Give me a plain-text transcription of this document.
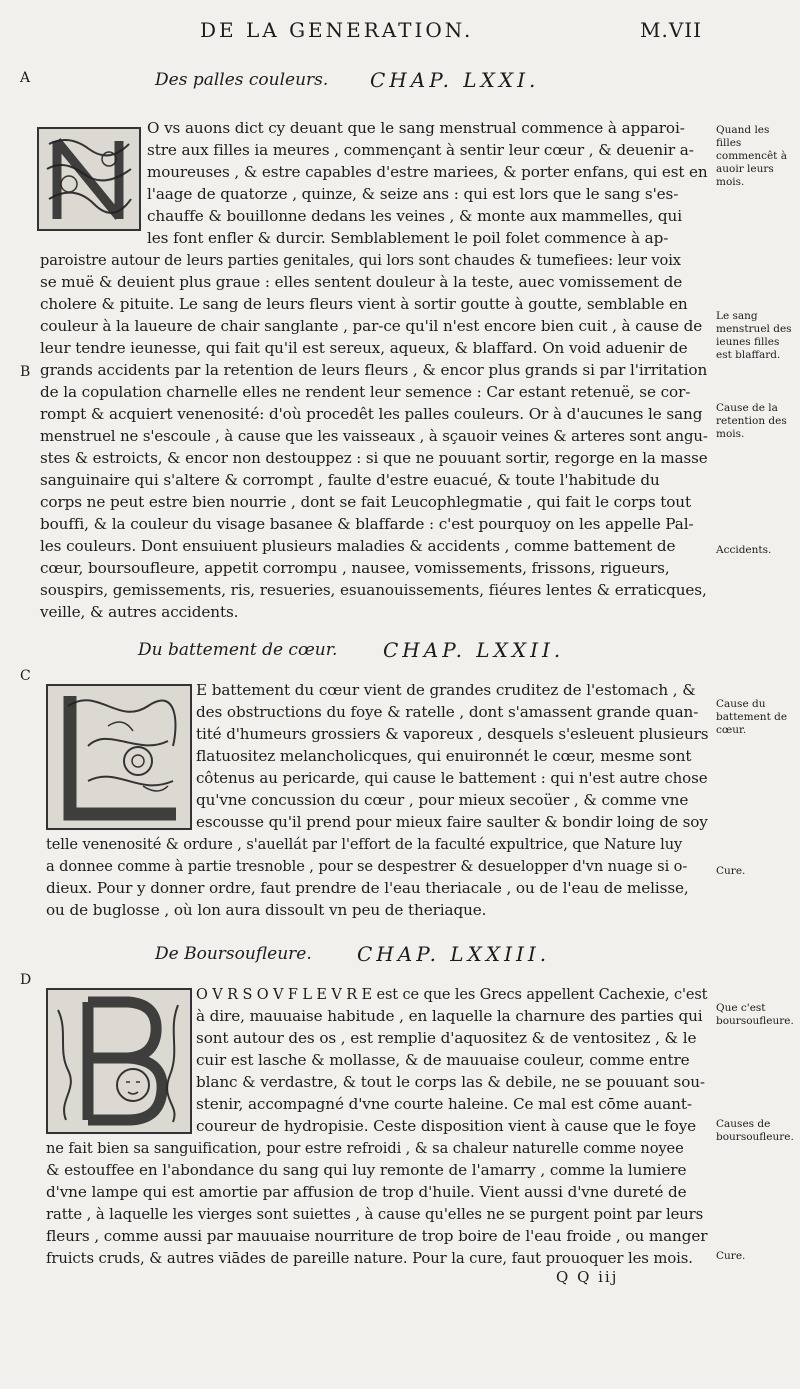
DE LA GENERATION.	M.VII
A	Des palles couleurs. CHAP. LXXI.
O vs auons dict cy deuant que le sang menstrual commence à apparoi-
stre aux filles ia meures , commençant à sentir leur cœur , & deuenir a-
moureuses , & estre capables d'estre mariees, & porter enfans, qui est en
l'aage de quatorze , quinze, & seize ans : qui est lors que le sang s'es-
chauffe & bouillonne dedans les veines , & monte aux mammelles, qui
les font enfler & durcir. Semblablement le poil folet commence à ap-
paroistre autour de leurs parties genitales, qui lors sont chaudes & tumefiees: leur voix
se muë & deuient plus graue : elles sentent douleur à la teste, auec vomissement de
cholere & pituite. Le sang de leurs fleurs vient à sortir goutte à goutte, semblable en
couleur à la laueure de chair sanglante , par-ce qu'il n'est encore bien cuit , à cause de
leur tendre ieunesse, qui fait qu'il est sereux, aqueux, & blaffard. On void aduenir de
grands accidents par la retention de leurs fleurs , & encor plus grands si par l'irritation
de la copulation charnelle elles ne rendent leur semence : Car estant retenuë, se cor-
rompt & acquiert venenosité: d'où procedêt les palles couleurs. Or à d'aucunes le sang
menstruel ne s'escoule , à cause que les vaisseaux , à sçauoir veines & arteres sont angu-
stes & estroicts, & encor non destouppez : si que ne pouuant sortir, regorge en la masse
sanguinaire qui s'altere & corrompt , faulte d'estre euacué, & toute l'habitude du
corps ne peut estre bien nourrie , dont se fait Leucophlegmatie , qui fait le corps tout
bouffi, & la couleur du visage basanee & blaffarde : c'est pourquoy on les appelle Pal-
les couleurs. Dont ensuiuent plusieurs maladies & accidents , comme battement de
cœur, boursoufleure, appetit corrompu , nausee, vomissements, frissons, rigueurs,
souspirs, gemissements, ris, resueries, esuanouissements, fiéures lentes & erraticques,
veille, & autres accidents.
B
Quand les filles commencêt à auoir leurs mois.
Le sang menstruel des ieunes filles est blaffard.
Cause de la retention des mois.
Accidents.
C
Du battement de cœur. CHAP. LXXII.
E battement du cœur vient de grandes cruditez de l'estomach , &
des obstructions du foye & ratelle , dont s'amassent grande quan-
tité d'humeurs grossiers & vaporeux , desquels s'esleuent plusieurs
flatuositez melancholicques, qui enuironnét le cœur, mesme sont
côtenus au pericarde, qui cause le battement : qui n'est autre chose
qu'vne concussion du cœur , pour mieux secoüer , & comme vne
escousse qu'il prend pour mieux faire saulter & bondir loing de soy
telle venenosité & ordure , s'auellát par l'effort de la faculté expultrice, que Nature luy
a donnee comme à partie tresnoble , pour se despestrer & desuelopper d'vn nuage si o-
dieux. Pour y donner ordre, faut prendre de l'eau theriacale , ou de l'eau de melisse,
ou de buglosse , où lon aura dissoult vn peu de theriaque.
Cause du battement de cœur.
Cure.
D
De Boursoufleure. CHAP. LXXIII.
O V R S O V F L E V R E est ce que les Grecs appellent Cachexie, c'est
à dire, mauuaise habitude , en laquelle la charnure des parties qui
sont autour des os , est remplie d'aquositez & de ventositez , & le
cuir est lasche & mollasse, & de mauuaise couleur, comme entre
blanc & verdastre, & tout le corps las & debile, ne se pouuant sou-
stenir, accompagné d'vne courte haleine. Ce mal est cōme auant-
coureur de hydropisie. Ceste disposition vient à cause que le foye
ne fait bien sa sanguification, pour estre refroidi , & sa chaleur naturelle comme noyee
& estouffee en l'abondance du sang qui luy remonte de l'amarry , comme la lumiere
d'vne lampe qui est amortie par affusion de trop d'huile. Vient aussi d'vne dureté de
ratte , à laquelle les vierges sont suiettes , à cause qu'elles ne se purgent point par leurs
fleurs , comme aussi par mauuaise nourriture de trop boire de l'eau froide , ou manger
fruicts cruds, & autres viādes de pareille nature. Pour la cure, faut prouoquer les mois.
Que c'est boursoufleure.
Causes de boursoufleure.
Cure.
Q Q iij
